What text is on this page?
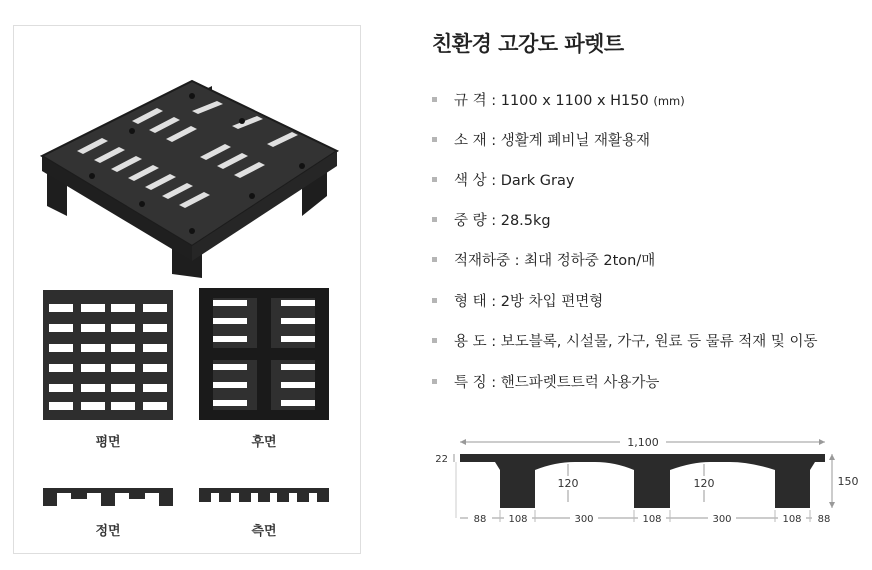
평면	후면
정면	측면
친환경 고강도 파렛트
규 격 : 1100 x 1100 x H150 (mm)
소 재 : 생활계 폐비닐 재활용재
색 상 : Dark Gray
중 량 : 28.5kg
적재하중 : 최대 정하중 2ton/매
형 태 : 2방 차입 편면형
용 도 : 보도블록, 시설물, 가구, 원료 등 물류 적재 및 이동
특 징 : 핸드파렛트트럭 사용가능
1,100
22
150
120	120
88 108	300	108	300	108 88
